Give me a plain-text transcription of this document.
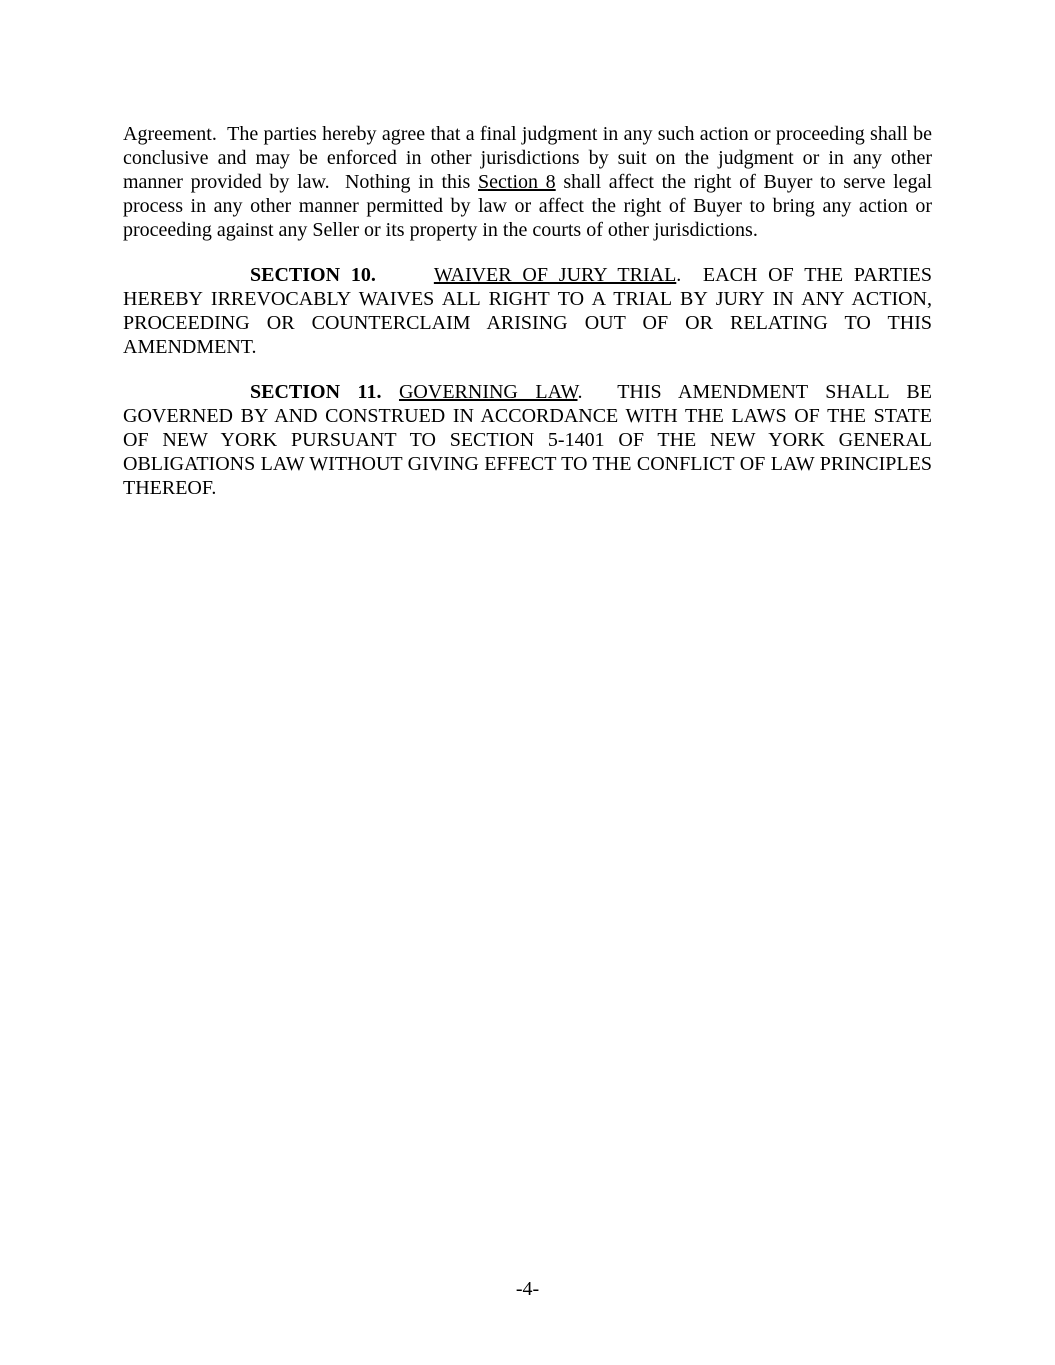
Agreement.  The parties hereby agree that a final judgment in any such action or proceeding shall be conclusive and may be enforced in other jurisdictions by suit on the judgment or in any other manner provided by law.  Nothing in this Section 8 shall affect the right of Buyer to serve legal process in any other manner permitted by law or affect the right of Buyer to bring any action or proceeding against any Seller or its property in the courts of other jurisdictions.

SECTION 10.	WAIVER OF JURY TRIAL.  EACH OF THE PARTIES HEREBY IRREVOCABLY WAIVES ALL RIGHT TO A TRIAL BY JURY IN ANY ACTION, PROCEEDING OR COUNTERCLAIM ARISING OUT OF OR RELATING TO THIS AMENDMENT.

SECTION 11. GOVERNING LAW.  THIS AMENDMENT SHALL BE GOVERNED BY AND CONSTRUED IN ACCORDANCE WITH THE LAWS OF THE STATE OF NEW YORK PURSUANT TO SECTION 5-1401 OF THE NEW YORK GENERAL OBLIGATIONS LAW WITHOUT GIVING EFFECT TO THE CONFLICT OF LAW PRINCIPLES THEREOF.

-4-
